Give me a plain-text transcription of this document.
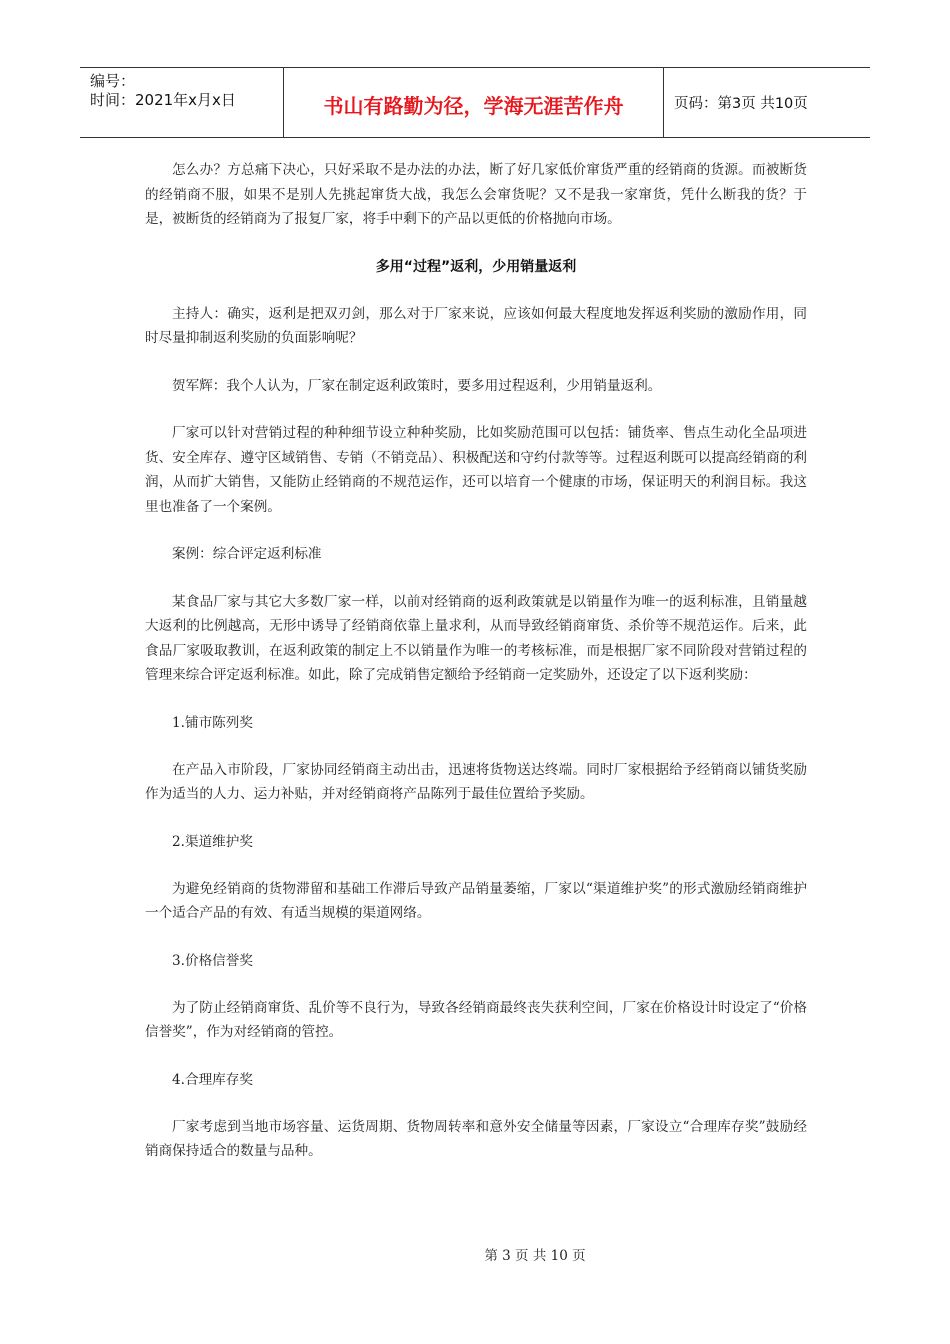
编号：
时间：2021年x月x日	书山有路勤为径，学海无涯苦作舟	页码：第3页 共10页

怎么办？方总痛下决心，只好采取不是办法的办法，断了好几家低价窜货严重的经销商的货源。而被断货的经销商不服，如果不是别人先挑起窜货大战，我怎么会窜货呢？又不是我一家窜货，凭什么断我的货？于是，被断货的经销商为了报复厂家，将手中剩下的产品以更低的价格抛向市场。

多用“过程”返利，少用销量返利

主持人：确实，返利是把双刃剑，那么对于厂家来说，应该如何最大程度地发挥返利奖励的激励作用，同时尽量抑制返利奖励的负面影响呢？

贺军辉：我个人认为，厂家在制定返利政策时，要多用过程返利，少用销量返利。

厂家可以针对营销过程的种种细节设立种种奖励，比如奖励范围可以包括：铺货率、售点生动化全品项进货、安全库存、遵守区域销售、专销（不销竞品）、积极配送和守约付款等等。过程返利既可以提高经销商的利润，从而扩大销售，又能防止经销商的不规范运作，还可以培育一个健康的市场，保证明天的利润目标。我这里也准备了一个案例。

案例：综合评定返利标准

某食品厂家与其它大多数厂家一样，以前对经销商的返利政策就是以销量作为唯一的返利标准，且销量越大返利的比例越高，无形中诱导了经销商依靠上量求利，从而导致经销商窜货、杀价等不规范运作。后来，此食品厂家吸取教训，在返利政策的制定上不以销量作为唯一的考核标准，而是根据厂家不同阶段对营销过程的管理来综合评定返利标准。如此，除了完成销售定额给予经销商一定奖励外，还设定了以下返利奖励：

1.铺市陈列奖

在产品入市阶段，厂家协同经销商主动出击，迅速将货物送达终端。同时厂家根据给予经销商以铺货奖励作为适当的人力、运力补贴，并对经销商将产品陈列于最佳位置给予奖励。

2.渠道维护奖

为避免经销商的货物滞留和基础工作滞后导致产品销量萎缩，厂家以“渠道维护奖”的形式激励经销商维护一个适合产品的有效、有适当规模的渠道网络。

3.价格信誉奖

为了防止经销商窜货、乱价等不良行为，导致各经销商最终丧失获利空间，厂家在价格设计时设定了“价格信誉奖”，作为对经销商的管控。

4.合理库存奖

厂家考虑到当地市场容量、运货周期、货物周转率和意外安全储量等因素，厂家设立“合理库存奖”鼓励经销商保持适合的数量与品种。

第 3 页 共 10 页
